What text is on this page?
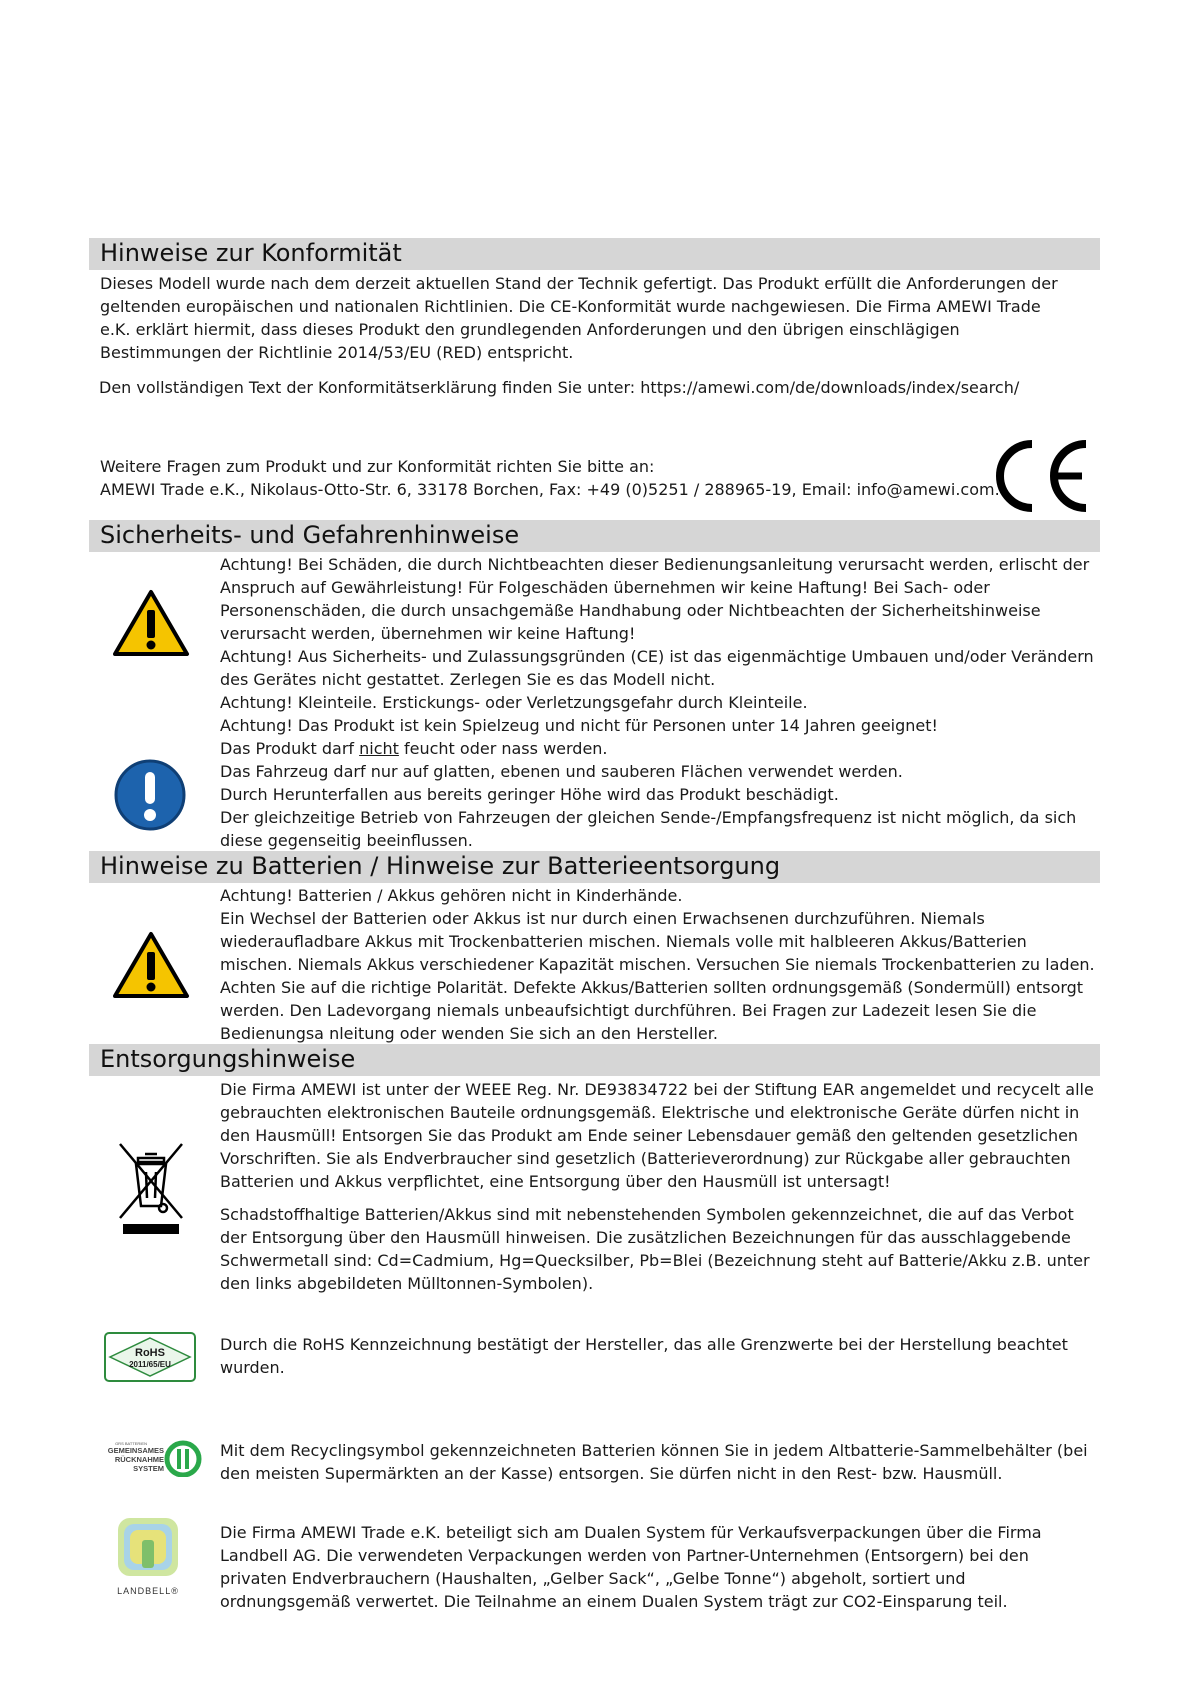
Hinweise zur Konformität

Dieses Modell wurde nach dem derzeit aktuellen Stand der Technik gefertigt. Das Produkt erfüllt die Anforderungen der geltenden europäischen und nationalen Richtlinien. Die CE-Konformität wurde nachgewiesen. Die Firma AMEWI Trade e.K. erklärt hiermit, dass dieses Produkt den grundlegenden Anforderungen und den übrigen einschlägigen Bestimmungen der Richtlinie 2014/53/EU (RED) entspricht.

Den vollständigen Text der Konformitätserklärung finden Sie unter: https://amewi.com/de/downloads/index/search/

Weitere Fragen zum Produkt und zur Konformität richten Sie bitte an:

AMEWI Trade e.K., Nikolaus-Otto-Str. 6, 33178 Borchen, Fax: +49 (0)5251 / 288965-19, Email: info@amewi.com.

Sicherheits- und Gefahrenhinweise

Achtung! Bei Schäden, die durch Nichtbeachten dieser Bedienungsanleitung verursacht werden, erlischt der Anspruch auf Gewährleistung! Für Folgeschäden übernehmen wir keine Haftung! Bei Sach- oder Personenschäden, die durch unsachgemäße Handhabung oder Nichtbeachten der Sicherheitshinweise verursacht werden, übernehmen wir keine Haftung!

Achtung! Aus Sicherheits- und Zulassungsgründen (CE) ist das eigenmächtige Umbauen und/oder Verändern des Gerätes nicht gestattet. Zerlegen Sie es das Modell nicht.

Achtung! Kleinteile. Erstickungs- oder Verletzungsgefahr durch Kleinteile.

Achtung! Das Produkt ist kein Spielzeug und nicht für Personen unter 14 Jahren geeignet!

Das Produkt darf nicht feucht oder nass werden.

Das Fahrzeug darf nur auf glatten, ebenen und sauberen Flächen verwendet werden.

Durch Herunterfallen aus bereits geringer Höhe wird das Produkt beschädigt.

Der gleichzeitige Betrieb von Fahrzeugen der gleichen Sende-/Empfangsfrequenz ist nicht möglich, da sich diese gegenseitig beeinflussen.

Hinweise zu Batterien / Hinweise zur Batterieentsorgung

Achtung! Batterien / Akkus gehören nicht in Kinderhände.

Ein Wechsel der Batterien oder Akkus ist nur durch einen Erwachsenen durchzuführen. Niemals wiederaufladbare Akkus mit Trockenbatterien mischen. Niemals volle mit halbleeren Akkus/Batterien mischen. Niemals Akkus verschiedener Kapazität mischen. Versuchen Sie niemals Trockenbatterien zu laden. Achten Sie auf die richtige Polarität. Defekte Akkus/Batterien sollten ordnungsgemäß (Sondermüll) entsorgt werden. Den Ladevorgang niemals unbeaufsichtigt durchführen. Bei Fragen zur Ladezeit lesen Sie die Bedienungsa nleitung oder wenden Sie sich an den Hersteller.

Entsorgungshinweise

Die Firma AMEWI ist unter der WEEE Reg. Nr. DE93834722 bei der Stiftung EAR angemeldet und recycelt alle gebrauchten elektronischen Bauteile ordnungsgemäß. Elektrische und elektronische Geräte dürfen nicht in den Hausmüll! Entsorgen Sie das Produkt am Ende seiner Lebensdauer gemäß den geltenden gesetzlichen Vorschriften. Sie als Endverbraucher sind gesetzlich (Batterieverordnung) zur Rückgabe aller gebrauchten Batterien und Akkus verpflichtet, eine Entsorgung über den Hausmüll ist untersagt!

Schadstoffhaltige Batterien/Akkus sind mit nebenstehenden Symbolen gekennzeichnet, die auf das Verbot der Entsorgung über den Hausmüll hinweisen. Die zusätzlichen Bezeichnungen für das ausschlaggebende Schwermetall sind: Cd=Cadmium, Hg=Quecksilber, Pb=Blei (Bezeichnung steht auf Batterie/Akku z.B. unter den links abgebildeten Mülltonnen-Symbolen).

RoHS
2011/65/EU

Durch die RoHS Kennzeichnung bestätigt der Hersteller, das alle Grenzwerte bei der Herstellung beachtet wurden.

GRS BATTERIEN
GEMEINSAMES
RÜCKNAHME
SYSTEM

Mit dem Recyclingsymbol gekennzeichneten Batterien können Sie in jedem Altbatterie-Sammelbehälter (bei den meisten Supermärkten an der Kasse) entsorgen. Sie dürfen nicht in den Rest- bzw. Hausmüll.

LANDBELL®

Die Firma AMEWI Trade e.K. beteiligt sich am Dualen System für Verkaufsverpackungen über die Firma Landbell AG. Die verwendeten Verpackungen werden von Partner-Unternehmen (Entsorgern) bei den privaten Endverbrauchern (Haushalten, „Gelber Sack“, „Gelbe Tonne“) abgeholt, sortiert und ordnungsgemäß verwertet. Die Teilnahme an einem Dualen System trägt zur CO2-Einsparung teil.
